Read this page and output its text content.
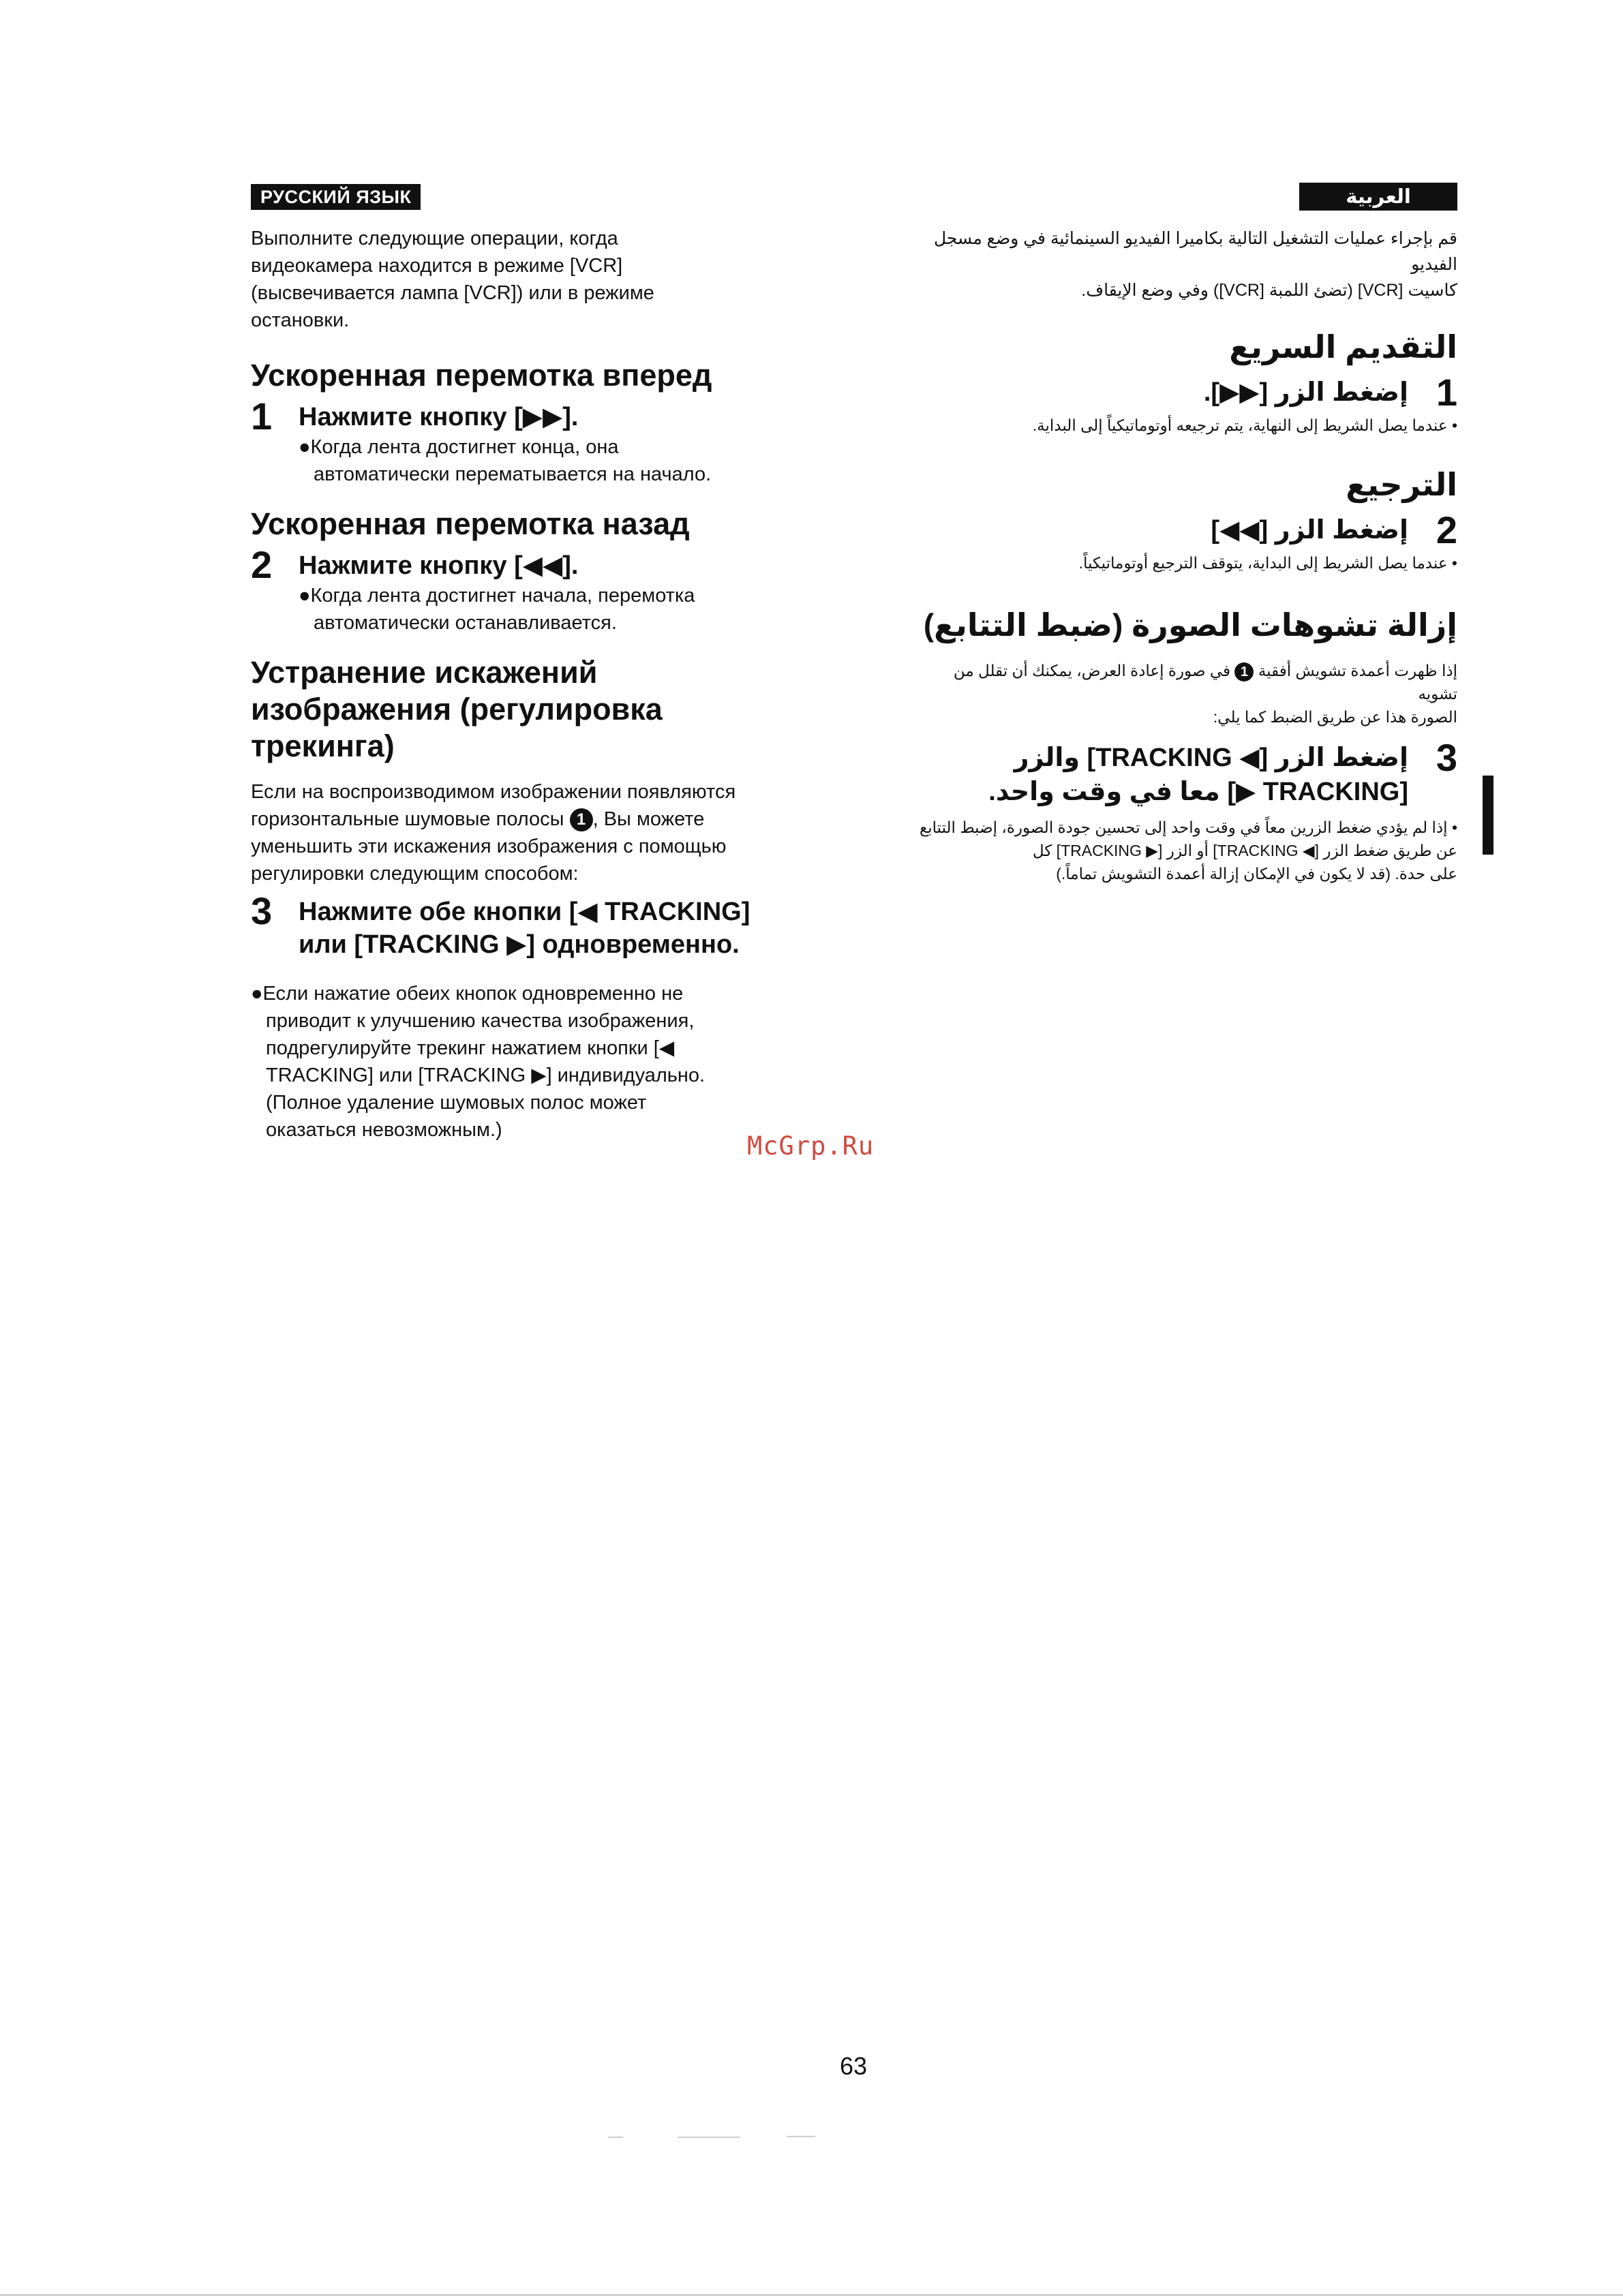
РУССКИЙ ЯЗЫК
Выполните следующие операции, когда
видеокамера находится в режиме [VCR]
(высвечивается лампа [VCR]) или в режиме
остановки.
Ускоренная перемотка вперед
1	Нажмите кнопку [▶▶].
●Когда лента достигнет конца, она
автоматически перематывается на начало.
Ускоренная перемотка назад
2	Нажмите кнопку [◀◀].
●Когда лента достигнет начала, перемотка
автоматически останавливается.
Устранение искажений
изображения (регулировка
трекинга)
Если на воспроизводимом изображении появляются
горизонтальные шумовые полосы 1 , Вы можете
уменьшить эти искажения изображения с помощью
регулировки следующим способом:
3	Нажмите обе кнопки [◀ TRACKING]
или [TRACKING ▶] одновременно.
●Если нажатие обеих кнопок одновременно не
приводит к улучшению качества изображения,
подрегулируйте трекинг нажатием кнопки [◀
TRACKING] или [TRACKING ▶] индивидуально.
(Полное удаление шумовых полос может
оказаться невозможным.)
العربية
قم بإجراء عمليات التشغيل التالية بكاميرا الفيديو السينمائية في وضع مسجل الفيديو
كاسيت [VCR] (تضئ اللمبة [VCR]) وفي وضع الإيقاف.
التقديم السريع
1
إضغط الزر [▶▶].
• عندما يصل الشريط إلى النهاية، يتم ترجيعه أوتوماتيكياً إلى البداية.
الترجيع
2
إضغط الزر [◀◀]
• عندما يصل الشريط إلى البداية، يتوقف الترجيع أوتوماتيكياً.
إزالة تشوهات الصورة (ضبط التتابع)
إذا ظهرت أعمدة تشويش أفقية 1 في صورة إعادة العرض، يمكنك أن تقلل من تشويه
الصورة هذا عن طريق الضبط كما يلي:
3
إضغط الزر [◀ TRACKING] والزر
[TRACKING ▶] معا في وقت واحد.
• إذا لم يؤدي ضغط الزرين معاً في وقت واحد إلى تحسين جودة الصورة، إضبط التتابع
عن طريق ضغط الزر [◀ TRACKING] أو الزر [▶ TRACKING] كل
على حدة. (قد لا يكون في الإمكان إزالة أعمدة التشويش تماماً.)
McGrp.Ru
63
